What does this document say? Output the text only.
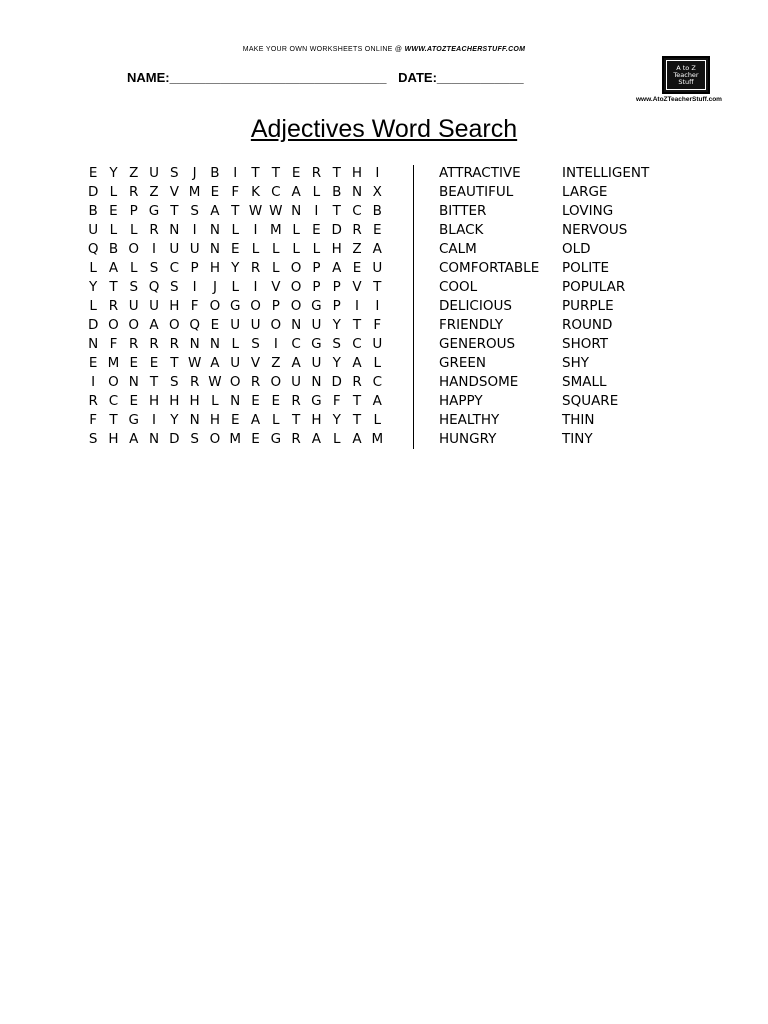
MAKE YOUR OWN WORKSHEETS ONLINE @ WWW.ATOZTEACHERSTUFF.COM
NAME:______________________________ DATE:____________
A to Z Teacher Stuff
www.AtoZTeacherStuff.com
Adjectives Word Search
E Y Z U S	J	B	I	T T E R T H I
D L R Z V M E F K C A L B N X
B E P G T S A T W W N I	T C B
U L L R N I N L	I M L E D R E
Q B O I U U N E L L L L H Z A
L A L S C P H Y R L O P A E U
Y T S Q S	I	J	L	I	V O P P V T
L R U U H F O G O P O G P	I	I
D O O A O Q E U U O N U Y T F
N F R R R N N L S	I	C G S C U
E M E E T W A U V Z A U Y A L
I O N T S R W O R O U N D R C
R C E H H H L N E E R G F T A
F T G I	Y N H E A L T H Y T L
S H A N D S O M E G R A L A M
ATTRACTIVE
BEAUTIFUL
BITTER
BLACK
CALM
COMFORTABLE
COOL
DELICIOUS
FRIENDLY
GENEROUS
GREEN
HANDSOME
HAPPY
HEALTHY
HUNGRY
INTELLIGENT
LARGE
LOVING
NERVOUS
OLD
POLITE
POPULAR
PURPLE
ROUND
SHORT
SHY
SMALL
SQUARE
THIN
TINY
